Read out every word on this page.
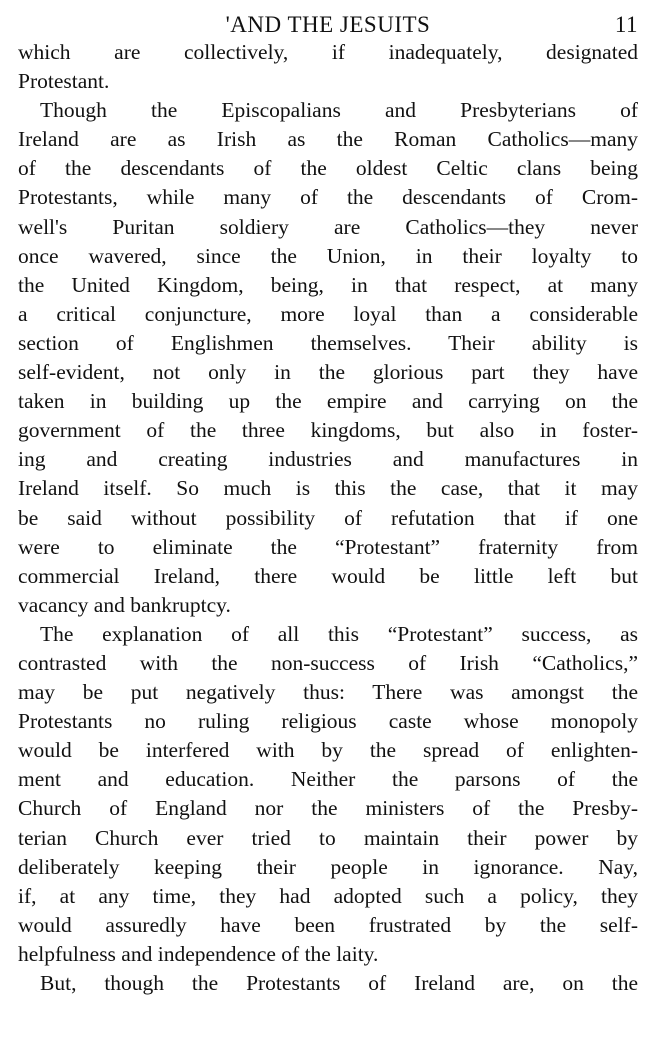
'AND THE JESUITS	11
which are collectively, if inadequately, designated
Protestant.
Though the Episcopalians and Presbyterians of
Ireland are as Irish as the Roman Catholics—many
of the descendants of the oldest Celtic clans being
Protestants, while many of the descendants of Crom-
well's Puritan soldiery are Catholics—they never
once wavered, since the Union, in their loyalty to
the United Kingdom, being, in that respect, at many
a critical conjuncture, more loyal than a considerable
section of Englishmen themselves. Their ability is
self-evident, not only in the glorious part they have
taken in building up the empire and carrying on the
government of the three kingdoms, but also in foster-
ing and creating industries and manufactures in
Ireland itself. So much is this the case, that it may
be said without possibility of refutation that if one
were to eliminate the “Protestant” fraternity from
commercial Ireland, there would be little left but
vacancy and bankruptcy.
The explanation of all this “Protestant” success, as
contrasted with the non-success of Irish “Catholics,”
may be put negatively thus: There was amongst the
Protestants no ruling religious caste whose monopoly
would be interfered with by the spread of enlighten-
ment and education. Neither the parsons of the
Church of England nor the ministers of the Presby-
terian Church ever tried to maintain their power by
deliberately keeping their people in ignorance. Nay,
if, at any time, they had adopted such a policy, they
would assuredly have been frustrated by the self-
helpfulness and independence of the laity.
But, though the Protestants of Ireland are, on the
